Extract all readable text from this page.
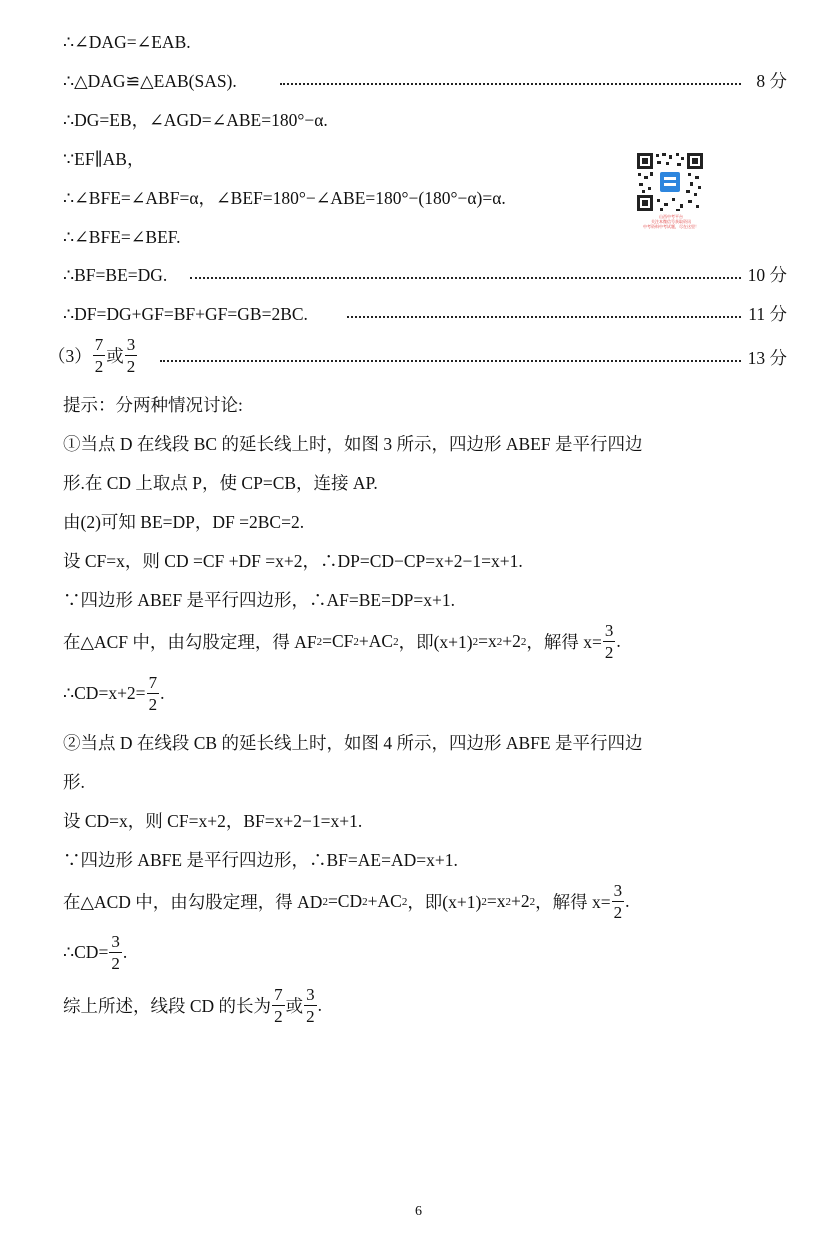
∴∠DAG=∠EAB.
∴△DAG≌△EAB(SAS).	8 分
∴DG=EB，∠AGD=∠ABE=180°−α.
∵EF∥AB，
∴∠BFE=∠ABF=α，∠BEF=180°−∠ABE=180°−(180°−α)=α.
∴∠BFE=∠BEF.
∴BF=BE=DG.	10 分
∴DF=DG+GF=BF+GF=GB=2BC.	11 分
$(3) \frac{7}{2}$ 或 $\frac{3}{2}$	13 分
提示：分两种情况讨论:
①当点 D 在线段 BC 的延长线上时，如图 3 所示，四边形 ABEF 是平行四边
形.在 CD 上取点 P，使 CP=CB，连接 AP.
由(2)可知 BE=DP，DF =2BC=2.
设 CF=x，则 CD =CF +DF =x+2，∴DP=CD−CP=x+2−1=x+1.
∵四边形 ABEF 是平行四边形，∴AF=BE=DP=x+1.
在△ACF 中，由勾股定理，得 AF 2 =CF 2 +AC 2 ，即(x+1) 2 =x 2 +2 2 ，解得 $x= \frac{3}{2}$ .
∴CD=x+2= $\frac{7}{2}$ .
②当点 D 在线段 CB 的延长线上时，如图 4 所示，四边形 ABFE 是平行四边
形.
设 CD=x，则 CF=x+2，BF=x+2−1=x+1.
∵四边形 ABFE 是平行四边形，∴BF=AE=AD=x+1.
在△ACD 中，由勾股定理，得 AD 2 =CD 2 +AC 2 ，即(x+1) 2 =x 2 +2 2 ，解得 $x= \frac{3}{2}$ .
∴CD= $\frac{3}{2}$ .
综上所述，线段 CD 的长为 $\frac{7}{2}$ 或 $\frac{3}{2}$ .
山西中考平台
关注本微信号获取资讯
中考资料中考试题，尽在这里！
6
